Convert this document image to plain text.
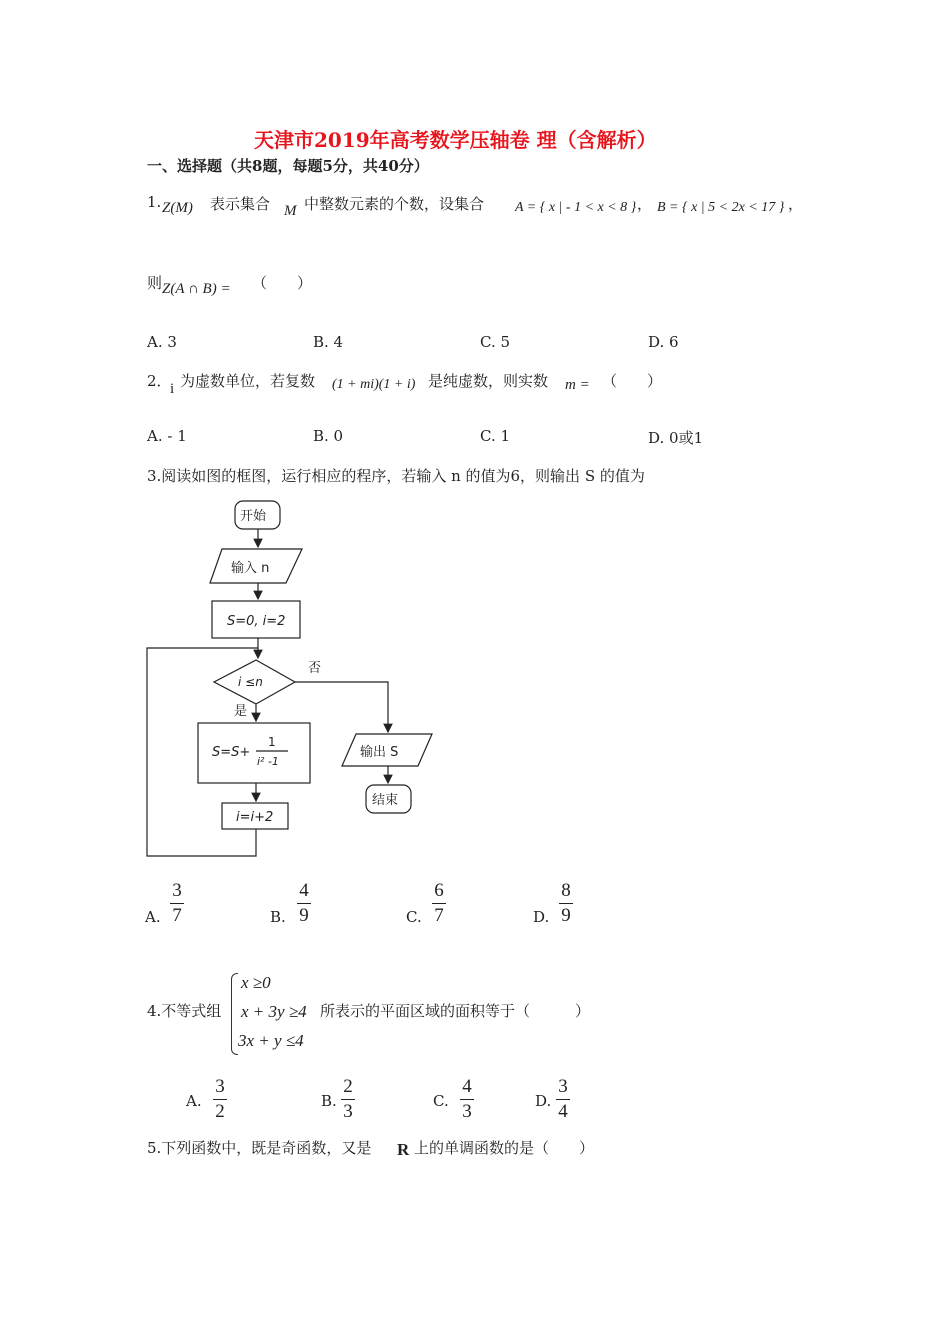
天津市2019年高考数学压轴卷 理（含解析）
一、选择题（共8题，每题5分，共40分）
1. Z(M) 表示集合 M 中整数元素的个数，设集合 A = { x | - 1 < x < 8 } ， B = { x | 5 < 2x < 17 } ，
则 Z(A ∩ B) = （　　）
A. 3	B. 4	C. 5	D. 6
2．
i 为虚数单位，若复数 (1 + mi)(1 + i) 是纯虚数，则实数 m = （　　）
A. - 1	B. 0	C. 1	D. 0或1
3.阅读如图的框图，运行相应的程序，若输入 n 的值为6，则输出 S 的值为
开始
输入 n
S=0, i=2
i ≤n
否
是
S=S+
1
i² -1
i=i+2
输出 S
结束
A.
3
7	B.
4
9	C.
6
7	D.
8
9
4.不等式组
x ≥0
x + 3y ≥4
3x + y ≤4
所表示的平面区域的面积等于（　　　）
A.
3
2	B.
2
3	C.
4
3	D.
3
4
5.下列函数中，既是奇函数，又是 R 上的单调函数的是（　　）
